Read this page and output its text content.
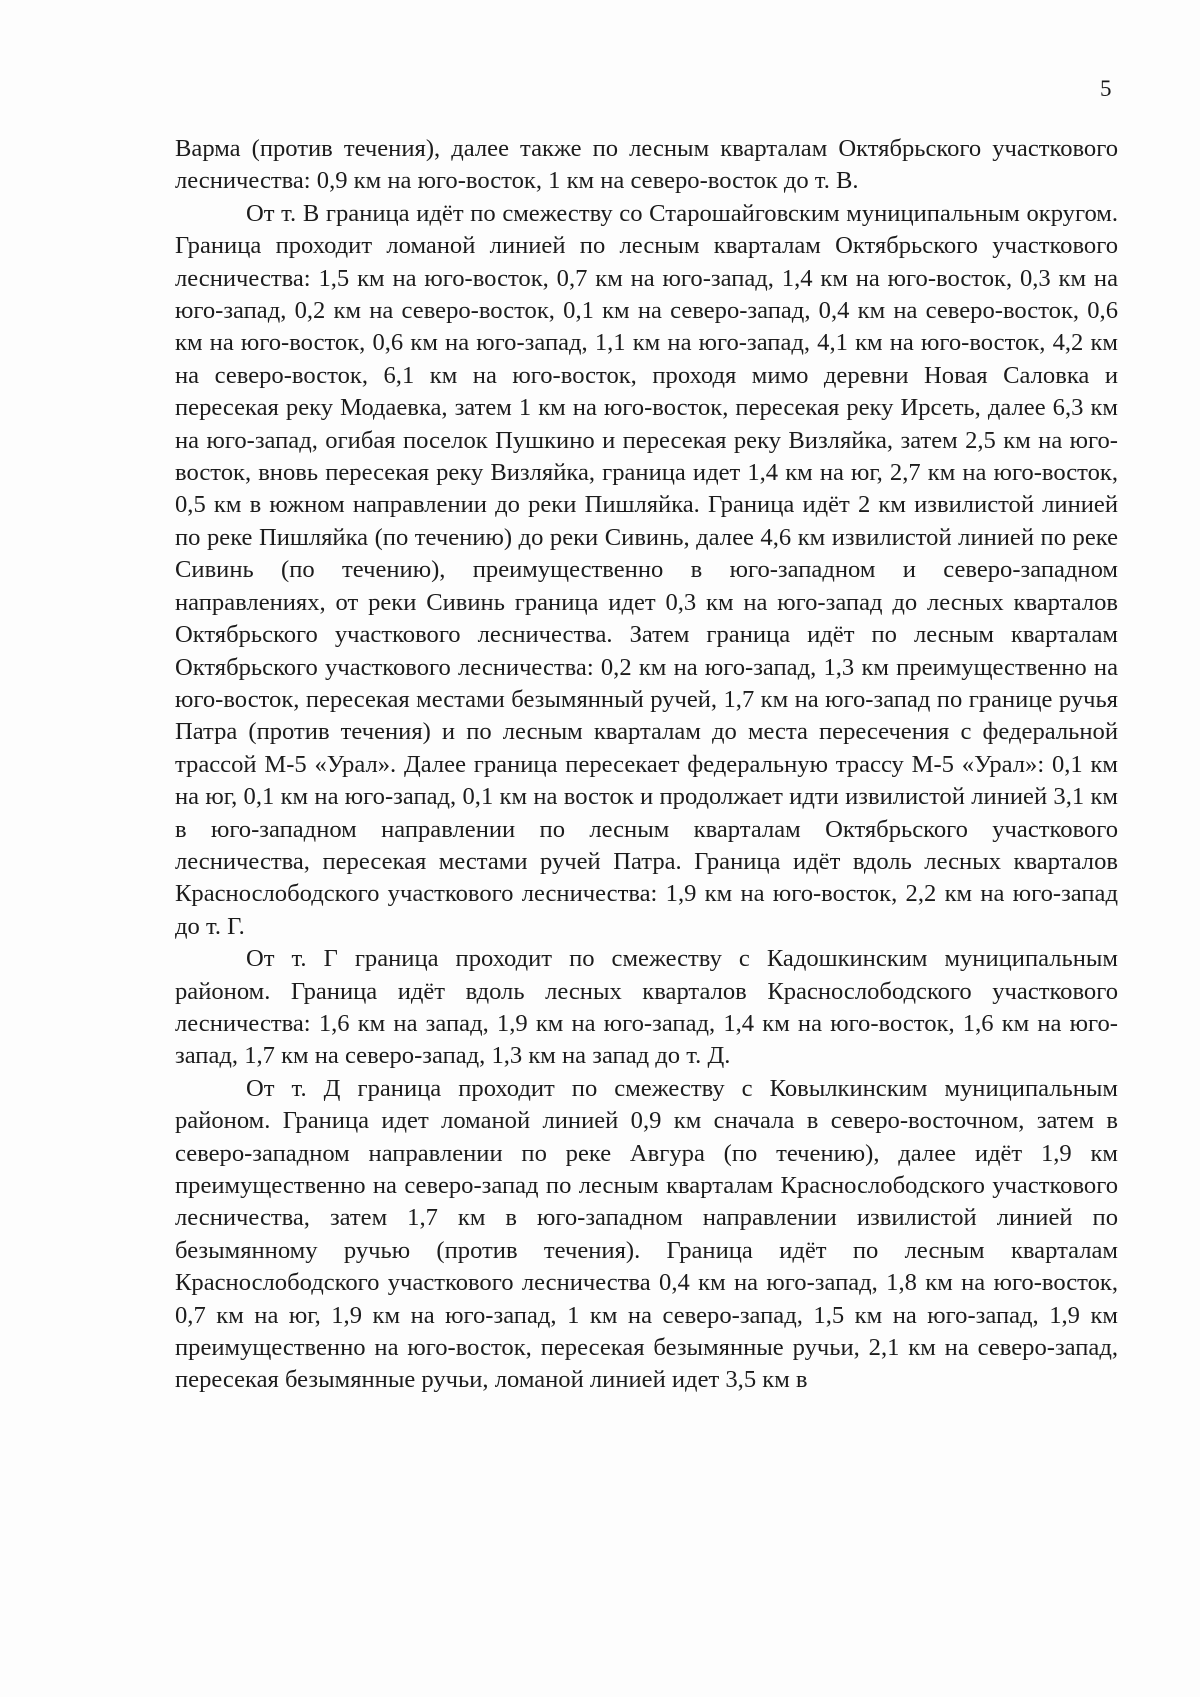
5

Варма (против течения), далее также по лесным кварталам Октябрьского участкового лесничества: 0,9 км на юго-восток, 1 км на северо-восток до т. В.

От т. В граница идёт по смежеству со Старошайговским муниципальным округом. Граница проходит ломаной линией по лесным кварталам Октябрьского участкового лесничества: 1,5 км на юго-восток, 0,7 км на юго-запад, 1,4 км на юго-восток, 0,3 км на юго-запад, 0,2 км на северо-восток, 0,1 км на северо-запад, 0,4 км на северо-восток, 0,6 км на юго-восток, 0,6 км на юго-запад, 1,1 км на юго-запад, 4,1 км на юго-восток, 4,2 км на северо-восток, 6,1 км на юго-восток, проходя мимо деревни Новая Саловка и пересекая реку Модаевка, затем 1 км на юго-восток, пересекая реку Ирсеть, далее 6,3 км на юго-запад, огибая поселок Пушкино и пересекая реку Визляйка, затем 2,5 км на юго-восток, вновь пересекая реку Визляйка, граница идет 1,4 км на юг, 2,7 км на юго-восток, 0,5 км в южном направлении до реки Пишляйка. Граница идёт 2 км извилистой линией по реке Пишляйка (по течению) до реки Сивинь, далее 4,6 км извилистой линией по реке Сивинь (по течению), преимущественно в юго-западном и северо-западном направлениях, от реки Сивинь граница идет 0,3 км на юго-запад до лесных кварталов Октябрьского участкового лесничества. Затем граница идёт по лесным кварталам Октябрьского участкового лесничества: 0,2 км на юго-запад, 1,3 км преимущественно на юго-восток, пересекая местами безымянный ручей, 1,7 км на юго-запад по границе ручья Патра (против течения) и по лесным кварталам до места пересечения с федеральной трассой М-5 «Урал». Далее граница пересекает федеральную трассу М-5 «Урал»: 0,1 км на юг, 0,1 км на юго-запад, 0,1 км на восток и продолжает идти извилистой линией 3,1 км в юго-западном направлении по лесным кварталам Октябрьского участкового лесничества, пересекая местами ручей Патра. Граница идёт вдоль лесных кварталов Краснослободского участкового лесничества: 1,9 км на юго-восток, 2,2 км на юго-запад до т. Г.

От т. Г граница проходит по смежеству с Кадошкинским муниципальным районом. Граница идёт вдоль лесных кварталов Краснослободского участкового лесничества: 1,6 км на запад, 1,9 км на юго-запад, 1,4 км на юго-восток, 1,6 км на юго-запад, 1,7 км на северо-запад, 1,3 км на запад до т. Д.

От т. Д граница проходит по смежеству с Ковылкинским муниципальным районом. Граница идет ломаной линией 0,9 км сначала в северо-восточном, затем в северо-западном направлении по реке Авгура (по течению), далее идёт 1,9 км преимущественно на северо-запад по лесным кварталам Краснослободского участкового лесничества, затем 1,7 км в юго-западном направлении извилистой линией по безымянному ручью (против течения). Граница идёт по лесным кварталам Краснослободского участкового лесничества 0,4 км на юго-запад, 1,8 км на юго-восток, 0,7 км на юг, 1,9 км на юго-запад, 1 км на северо-запад, 1,5 км на юго-запад, 1,9 км преимущественно на юго-восток, пересекая безымянные ручьи, 2,1 км на северо-запад, пересекая безымянные ручьи, ломаной линией идет 3,5 км в
